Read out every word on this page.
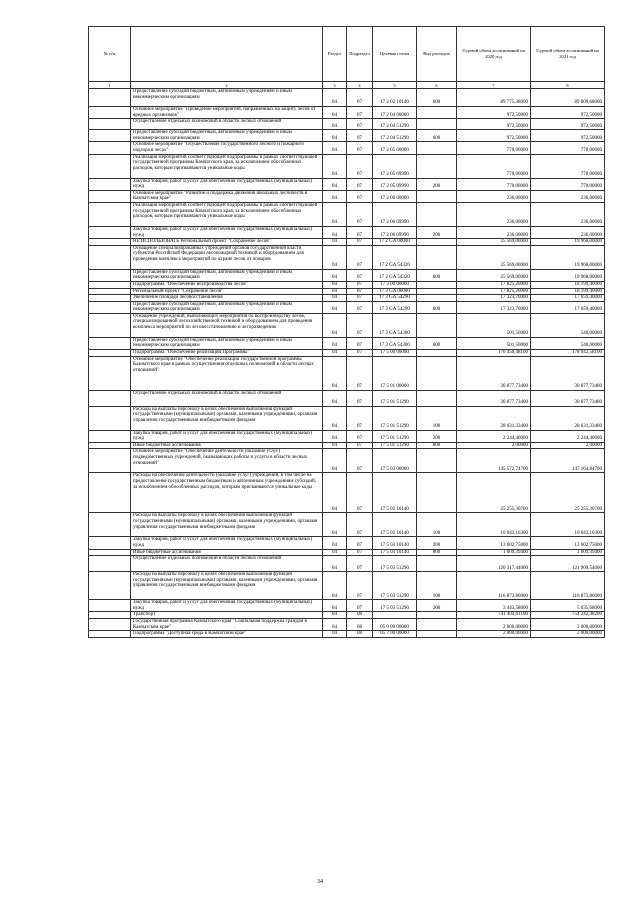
№ п/п		Раздел	Подраздел	Целевая статья	Вид расходов	Годовой объем ассигнований на 2020 год	Годовой объем ассигнований на 2021 год
1	2	3	4	5	6	7	8
	Предоставление субсидий бюджетным, автономным учреждениям и иным некоммерческим организациям	04	07	17 2 02 10140	600	89 775,38000	89 809,68000
	Основное мероприятие "Проведение мероприятий, направленных на защиту лесов от вредных организмов"	04	07	17 2 04 00000		972,50000	972,50000
	Осуществление отдельных полномочий в области лесных отношений	04	07	17 2 04 51290		972,50000	972,50000
	Предоставление субсидий бюджетным, автономным учреждениям и иным некоммерческим организациям	04	07	17 2 04 51290	600	972,50000	972,50000
	Основное мероприятие "Осуществление государственного лесного и пожарного надзора в лесах"	04	07	17 2 05 00000		770,00000	770,00000
	Реализация мероприятий соответствующей подпрограммы в рамках соответствующей государственной программы Камчатского края, за исключением обособленных расходов, которым присваиваются уникальные коды	04	07	17 2 05 09990		770,00000	770,00000
	Закупка товаров, работ и услуг для обеспечения государственных (муниципальных) нужд	04	07	17 2 05 09990	200	770,00000	770,00000
	Основное мероприятие "Развитие и поддержка движения школьных лесничеств в Камчатском крае"	04	07	17 2 06 00000		236,00000	236,00000
	Реализация мероприятий соответствующей подпрограммы в рамках соответствующей государственной программы Камчатского края, за исключением обособленных расходов, которым присваиваются уникальные коды	04	07	17 2 06 09990		236,00000	236,00000
	Закупка товаров, работ и услуг для обеспечения государственных (муниципальных) нужд	04	07	17 2 06 09990	200	236,00000	236,00000
	НЕ ИСПОЛЬЗОВАТЬ Региональный проект "Сохранение лесов"	04	07	17 2 GA 00000		25 569,00000	19 968,00000
	Оснащение специализированных учреждений органов государственной власти субъектов Российской Федерации лесопожарной техникой и оборудованием для проведения комплекса мероприятий по охране лесов от пожаров	04	07	17 2 GA 54320		25 569,00000	19 968,00000
	Предоставление субсидий бюджетным, автономным учреждениям и иным некоммерческим организациям	04	07	17 2 GA 54320	600	25 569,00000	19 968,00000
	Подпрограмма "Обеспечение воспроизводства лесов"	04	07	17 3 00 00000		17 825,20000	18 199,40000
	Региональный проект "Сохранение лесов"	04	07	17 3 GA 00000		17 825,20000	18 199,40000
	Увеличение площади лесовосстановления	04	07	17 3 GA 54290		17 323,70000	17 659,40000
	Предоставление субсидий бюджетным, автономным учреждениям и иным некоммерческим организациям	04	07	17 3 GA 54290	600	17 323,70000	17 659,40000
	Оснащение учреждений, выполняющих мероприятия по воспроизводству лесов, специализированной лесохозяйственной техникой и оборудованием для проведения комплекса мероприятий по лесовосстановлению и лесоразведению	04	07	17 3 GA 54300		501,50000	540,00000
	Предоставление субсидий бюджетным, автономным учреждениям и иным некоммерческим организациям	04	07	17 3 GA 54300	600	501,50000	540,00000
	Подпрограмма "Обеспечение реализации Программы"	04	07	17 5 00 00000		176 450,48100	178 042,58100
	Основное мероприятие "Обеспечение реализации государственной программы Камчатского края в рамках осуществления отдельных полномочий в области лесных отношений"	04	07	17 5 01 00000		30 877,73400	30 877,73400
	Осуществление отдельных полномочий в области лесных отношений	04	07	17 5 01 51290		30 877,73400	30 877,73400
	Расходы на выплаты персоналу в целях обеспечения выполнения функций государственными (муниципальными) органами, казенными учреждениями, органами управления государственными внебюджетными фондами	04	07	17 5 01 51290	100	28 631,33400	28 631,33400
	Закупка товаров, работ и услуг для обеспечения государственных (муниципальных) нужд	04	07	17 5 01 51290	200	2 244,40000	2 244,40000
	Иные бюджетные ассигнования	04	07	17 5 01 51290	800	2,00000	2,00000
	Основное мероприятие "Обеспечение деятельности (оказание услуг) подведомственных учреждений, оказывающих работы и услуги в области лесных отношений"	04	07	17 5 03 00000		145 572,74700	147 164,84700
	Расходы на обеспечение деятельности (оказание услуг) учреждений, в том числе на предоставление государственным бюджетным и автономным учреждениям субсидий, за исключением обособленных расходов, которым присваиваются уникальные коды	04	07	17 5 03 10140		25 255,30700	25 255,30700
	Расходы на выплаты персоналу в целях обеспечения выполнения функций государственными (муниципальными) органами, казенными учреждениями, органами управления государственными внебюджетными фондами	04	07	17 5 03 10140	100	10 043,16300	10 043,16300
	Закупка товаров, работ и услуг для обеспечения государственных (муниципальных) нужд	04	07	17 5 03 10140	200	13 602,75000	13 602,75000
	Иные бюджетные ассигнования	04	07	17 5 03 10140	800	1 609,39400	1 609,39400
	Осуществление отдельных полномочий в области лесных отношений	04	07	17 5 03 51290		120 317,44000	121 909,54000
	Расходы на выплаты персоналу в целях обеспечения выполнения функций государственными (муниципальными) органами, казенными учреждениями, органами управления государственными внебюджетными фондами	04	07	17 5 03 51290	100	116 873,86000	116 873,86000
	Закупка товаров, работ и услуг для обеспечения государственных (муниципальных) нужд	04	07	17 5 03 51290	200	3 443,58000	5 035,68000
	Транспорт	04	08			741 404,61100	754 242,48200
	Государственная программа Камчатского края "Социальная поддержка граждан в Камчатском крае"	04	08	05 0 00 00000		2 000,00000	2 000,00000
	Подпрограмма "Доступная среда в Камчатском крае"	04	08	05 7 00 00000		2 000,00000	2 000,00000
34
